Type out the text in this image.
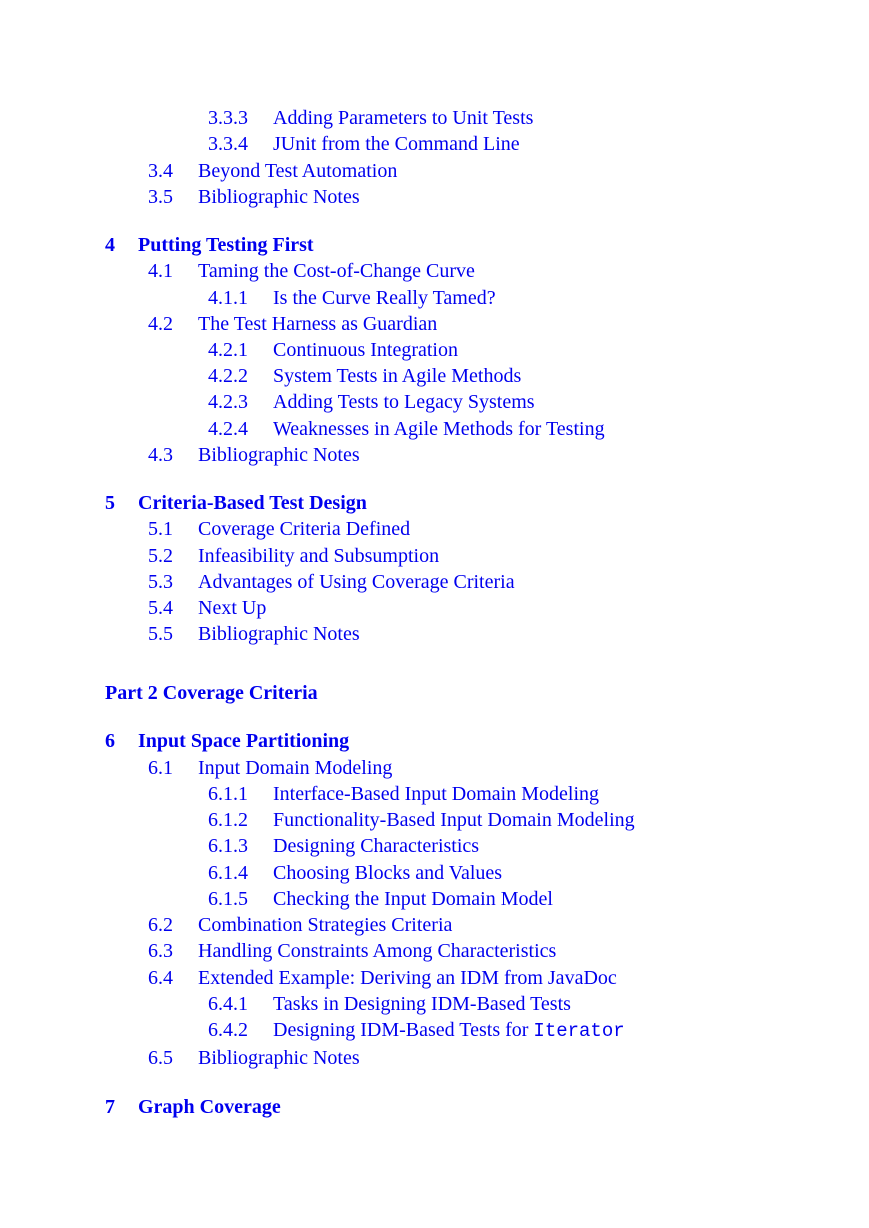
3.3.3 Adding Parameters to Unit Tests
3.3.4 JUnit from the Command Line
3.4 Beyond Test Automation
3.5 Bibliographic Notes
4 Putting Testing First
4.1 Taming the Cost-of-Change Curve
4.1.1 Is the Curve Really Tamed?
4.2 The Test Harness as Guardian
4.2.1 Continuous Integration
4.2.2 System Tests in Agile Methods
4.2.3 Adding Tests to Legacy Systems
4.2.4 Weaknesses in Agile Methods for Testing
4.3 Bibliographic Notes
5 Criteria-Based Test Design
5.1 Coverage Criteria Defined
5.2 Infeasibility and Subsumption
5.3 Advantages of Using Coverage Criteria
5.4 Next Up
5.5 Bibliographic Notes
Part 2 Coverage Criteria
6 Input Space Partitioning
6.1 Input Domain Modeling
6.1.1 Interface-Based Input Domain Modeling
6.1.2 Functionality-Based Input Domain Modeling
6.1.3 Designing Characteristics
6.1.4 Choosing Blocks and Values
6.1.5 Checking the Input Domain Model
6.2 Combination Strategies Criteria
6.3 Handling Constraints Among Characteristics
6.4 Extended Example: Deriving an IDM from JavaDoc
6.4.1 Tasks in Designing IDM-Based Tests
6.4.2 Designing IDM-Based Tests for Iterator
6.5 Bibliographic Notes
7 Graph Coverage
